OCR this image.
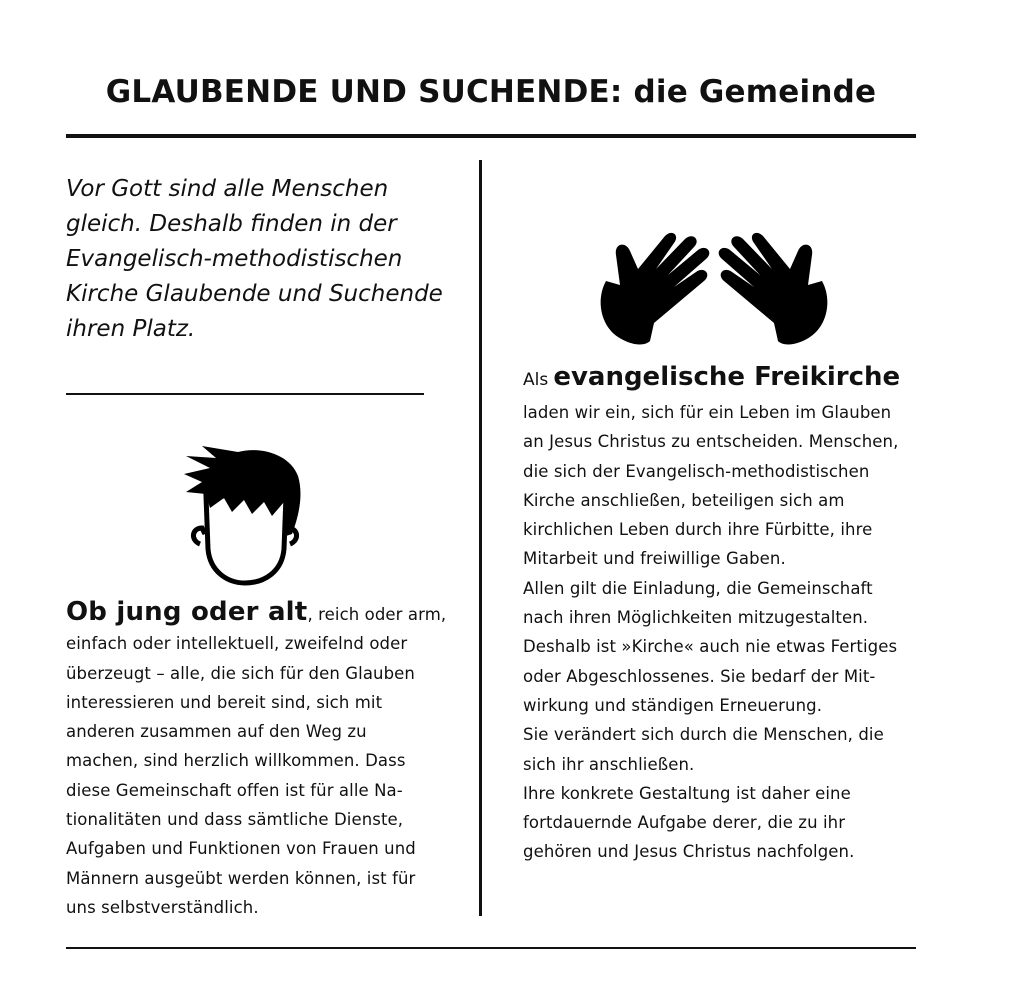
GLAUBENDE UND SUCHENDE: die Gemeinde

Vor Gott sind alle Menschen
gleich. Deshalb finden in der
Evangelisch-methodistischen
Kirche Glaubende und Suchende
ihren Platz.

Ob jung oder alt, reich oder arm,
einfach oder intellektuell, zweifelnd oder
überzeugt – alle, die sich für den Glauben
interessieren und bereit sind, sich mit
anderen zusammen auf den Weg zu
machen, sind herzlich willkommen. Dass
diese Gemeinschaft offen ist für alle Na-
tionalitäten und dass sämtliche Dienste,
Aufgaben und Funktionen von Frauen und
Männern ausgeübt werden können, ist für
uns selbstverständlich.

Als evangelische Freikirche

laden wir ein, sich für ein Leben im Glauben
an Jesus Christus zu entscheiden. Menschen,
die sich der Evangelisch-methodistischen
Kirche anschließen, beteiligen sich am
kirchlichen Leben durch ihre Fürbitte, ihre
Mitarbeit und freiwillige Gaben.
Allen gilt die Einladung, die Gemeinschaft
nach ihren Möglichkeiten mitzugestalten.
Deshalb ist »Kirche« auch nie etwas Fertiges
oder Abgeschlossenes. Sie bedarf der Mit-
wirkung und ständigen Erneuerung.
Sie verändert sich durch die Menschen, die
sich ihr anschließen.
Ihre konkrete Gestaltung ist daher eine
fortdauernde Aufgabe derer, die zu ihr
gehören und Jesus Christus nachfolgen.
